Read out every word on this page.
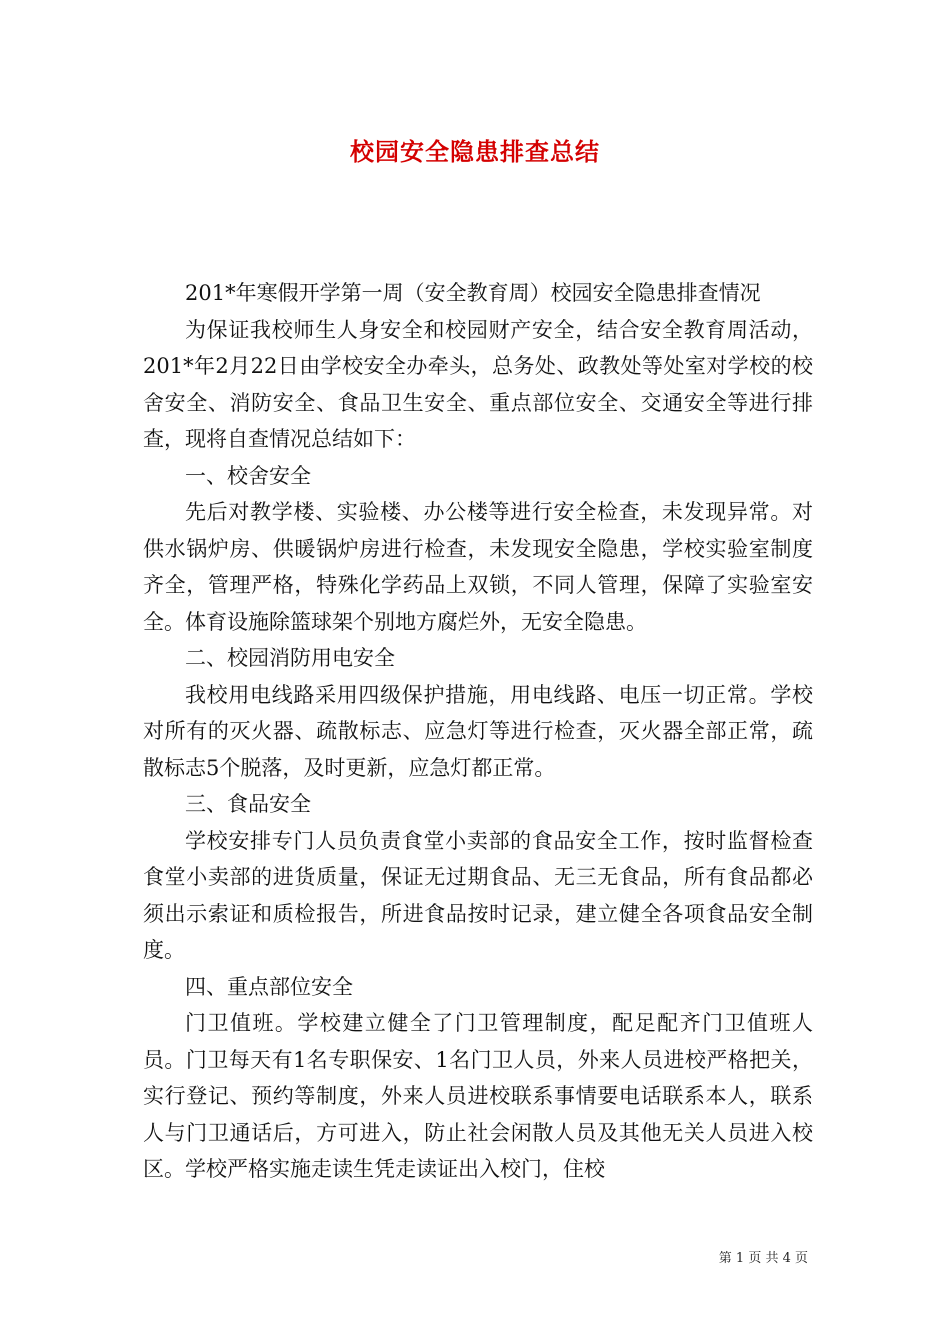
校园安全隐患排查总结

201*年寒假开学第一周（安全教育周）校园安全隐患排查情况

为保证我校师生人身安全和校园财产安全，结合安全教育周活动，201*年2月22日由学校安全办牵头，总务处、政教处等处室对学校的校舍安全、消防安全、食品卫生安全、重点部位安全、交通安全等进行排查，现将自查情况总结如下：

一、校舍安全

先后对教学楼、实验楼、办公楼等进行安全检查，未发现异常。对供水锅炉房、供暖锅炉房进行检查，未发现安全隐患，学校实验室制度齐全，管理严格，特殊化学药品上双锁，不同人管理，保障了实验室安全。体育设施除篮球架个别地方腐烂外，无安全隐患。

二、校园消防用电安全

我校用电线路采用四级保护措施，用电线路、电压一切正常。学校对所有的灭火器、疏散标志、应急灯等进行检查，灭火器全部正常，疏散标志5个脱落，及时更新，应急灯都正常。

三、食品安全

学校安排专门人员负责食堂小卖部的食品安全工作，按时监督检查食堂小卖部的进货质量，保证无过期食品、无三无食品，所有食品都必须出示索证和质检报告，所进食品按时记录，建立健全各项食品安全制度。

四、重点部位安全

门卫值班。学校建立健全了门卫管理制度，配足配齐门卫值班人员。门卫每天有1名专职保安、1名门卫人员，外来人员进校严格把关，实行登记、预约等制度，外来人员进校联系事情要电话联系本人，联系人与门卫通话后，方可进入，防止社会闲散人员及其他无关人员进入校区。学校严格实施走读生凭走读证出入校门，住校

第 1 页 共 4 页
